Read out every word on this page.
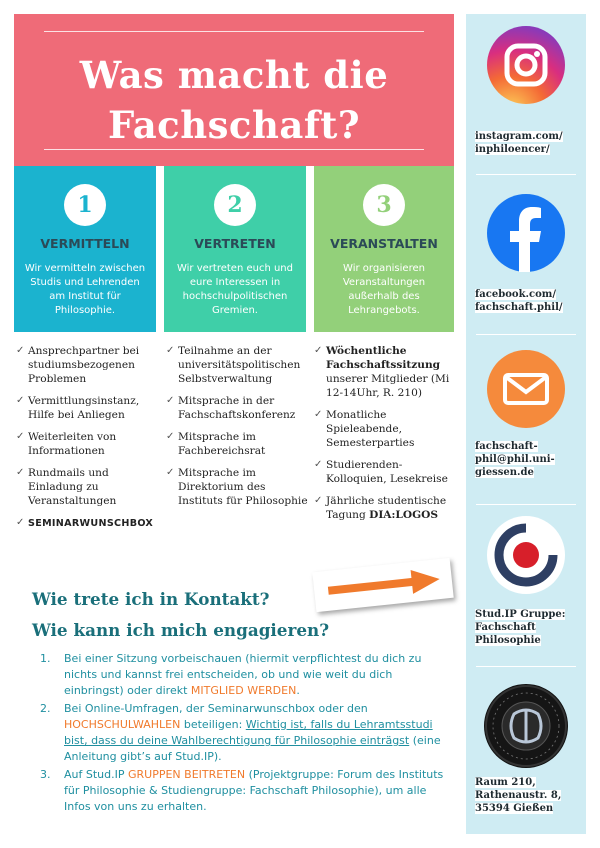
Was macht die
Fachschaft?
1
VERMITTELN

Wir vermitteln zwischen Studis und Lehrenden am Institut für Philosophie.

2
VERTRETEN

Wir vertreten euch und eure Interessen in hochschulpolitischen Gremien.

3
VERANSTALTEN

Wir organisieren Veranstaltungen außerhalb des Lehrangebots.

✓ Ansprechpartner bei studiumsbezogenen Problemen
✓ Vermittlungsinstanz, Hilfe bei Anliegen
✓ Weiterleiten von Informationen
✓ Rundmails und Einladung zu Veranstaltungen
✓ SEMINARWUNSCHBOX
✓ Teilnahme an der universitätspolitischen Selbstverwaltung
✓ Mitsprache in der Fachschaftskonferenz
✓ Mitsprache im Fachbereichsrat
✓ Mitsprache im Direktorium des Instituts für Philosophie
✓ Wöchentliche Fachschaftssitzung unserer Mitglieder (Mi 12-14Uhr, R. 210)
✓ Monatliche Spieleabende, Semesterparties
✓ Studierenden-Kolloquien, Lesekreise
✓ Jährliche studentische Tagung DIA:LOGOS
Wie trete ich in Kontakt?
Wie kann ich mich engagieren?
1. Bei einer Sitzung vorbeischauen (hiermit verpflichtest du dich zu nichts und kannst frei entscheiden, ob und wie weit du dich einbringst) oder direkt MITGLIED WERDEN.
2. Bei Online-Umfragen, der Seminarwunschbox oder den HOCHSCHULWAHLEN beteiligen: Wichtig ist, falls du Lehramtsstudi bist, dass du deine Wahlberechtigung für Philosophie einträgst (eine Anleitung gibt’s auf Stud.IP).
3. Auf Stud.IP GRUPPEN BEITRETEN (Projektgruppe: Forum des Instituts für Philosophie & Studiengruppe: Fachschaft Philosophie), um alle Infos von uns zu erhalten.
instagram.com/
inphiloencer/
facebook.com/
fachschaft.phil/
fachschaft-
phil@phil.uni-
giessen.de
Stud.IP Gruppe:
Fachschaft
Philosophie
Raum 210,
Rathenaustr. 8,
35394 Gießen
